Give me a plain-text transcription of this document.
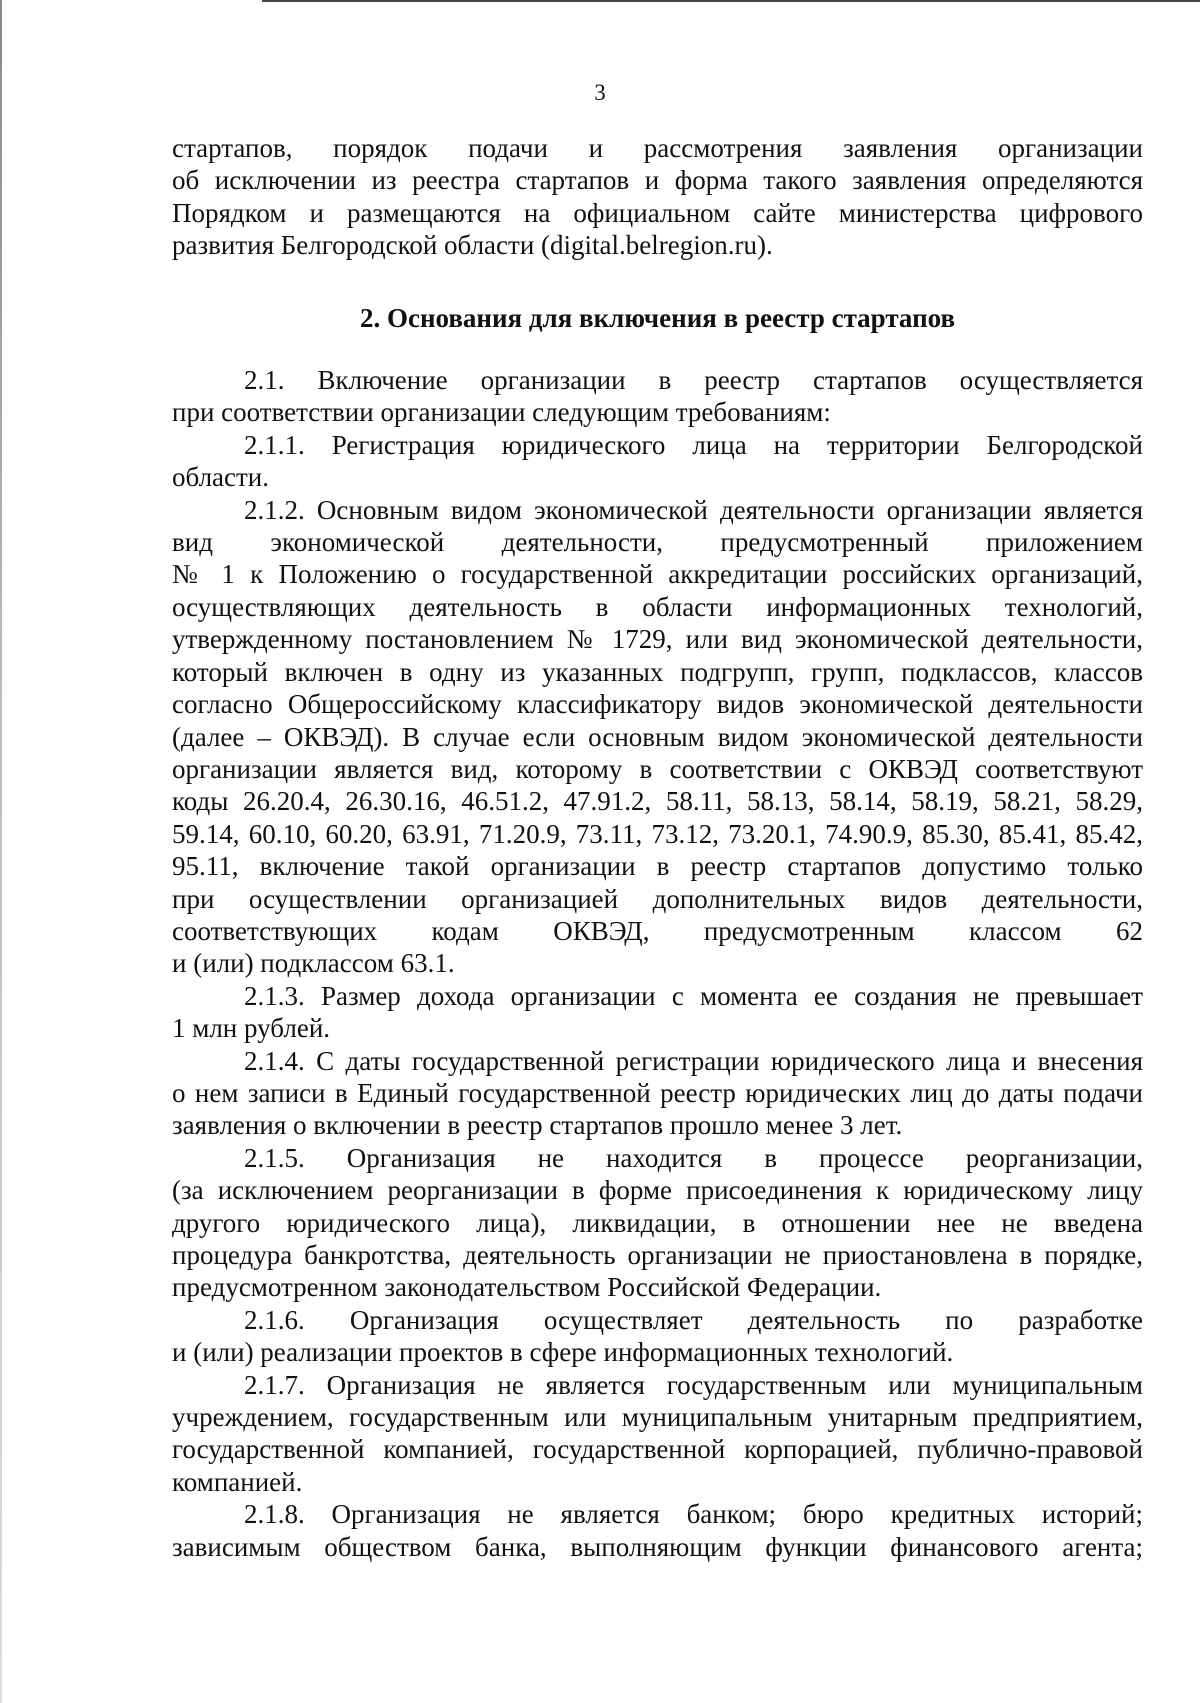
3

стартапов, порядок подачи и рассмотрения заявления организации
об исключении из реестра стартапов и форма такого заявления определяются
Порядком и размещаются на официальном сайте министерства цифрового
развития Белгородской области (digital.belregion.ru).

2. Основания для включения в реестр стартапов

2.1. Включение организации в реестр стартапов осуществляется
при соответствии организации следующим требованиям:

2.1.1. Регистрация юридического лица на территории Белгородской
области.

2.1.2. Основным видом экономической деятельности организации является
вид экономической деятельности, предусмотренный приложением
№ 1 к Положению о государственной аккредитации российских организаций,
осуществляющих деятельность в области информационных технологий,
утвержденному постановлением № 1729, или вид экономической деятельности,
который включен в одну из указанных подгрупп, групп, подклассов, классов
согласно Общероссийскому классификатору видов экономической деятельности
(далее – ОКВЭД). В случае если основным видом экономической деятельности
организации является вид, которому в соответствии с ОКВЭД соответствуют
коды 26.20.4, 26.30.16, 46.51.2, 47.91.2, 58.11, 58.13, 58.14, 58.19, 58.21, 58.29,
59.14, 60.10, 60.20, 63.91, 71.20.9, 73.11, 73.12, 73.20.1, 74.90.9, 85.30, 85.41, 85.42,
95.11, включение такой организации в реестр стартапов допустимо только
при осуществлении организацией дополнительных видов деятельности,
соответствующих кодам ОКВЭД, предусмотренным классом 62
и (или) подклассом 63.1.

2.1.3. Размер дохода организации с момента ее создания не превышает
1 млн рублей.

2.1.4. С даты государственной регистрации юридического лица и внесения
о нем записи в Единый государственной реестр юридических лиц до даты подачи
заявления о включении в реестр стартапов прошло менее 3 лет.

2.1.5. Организация не находится в процессе реорганизации,
(за исключением реорганизации в форме присоединения к юридическому лицу
другого юридического лица), ликвидации, в отношении нее не введена
процедура банкротства, деятельность организации не приостановлена в порядке,
предусмотренном законодательством Российской Федерации.

2.1.6. Организация осуществляет деятельность по разработке
и (или) реализации проектов в сфере информационных технологий.

2.1.7. Организация не является государственным или муниципальным
учреждением, государственным или муниципальным унитарным предприятием,
государственной компанией, государственной корпорацией, публично-правовой
компанией.

2.1.8. Организация не является банком; бюро кредитных историй;
зависимым обществом банка, выполняющим функции финансового агента;
